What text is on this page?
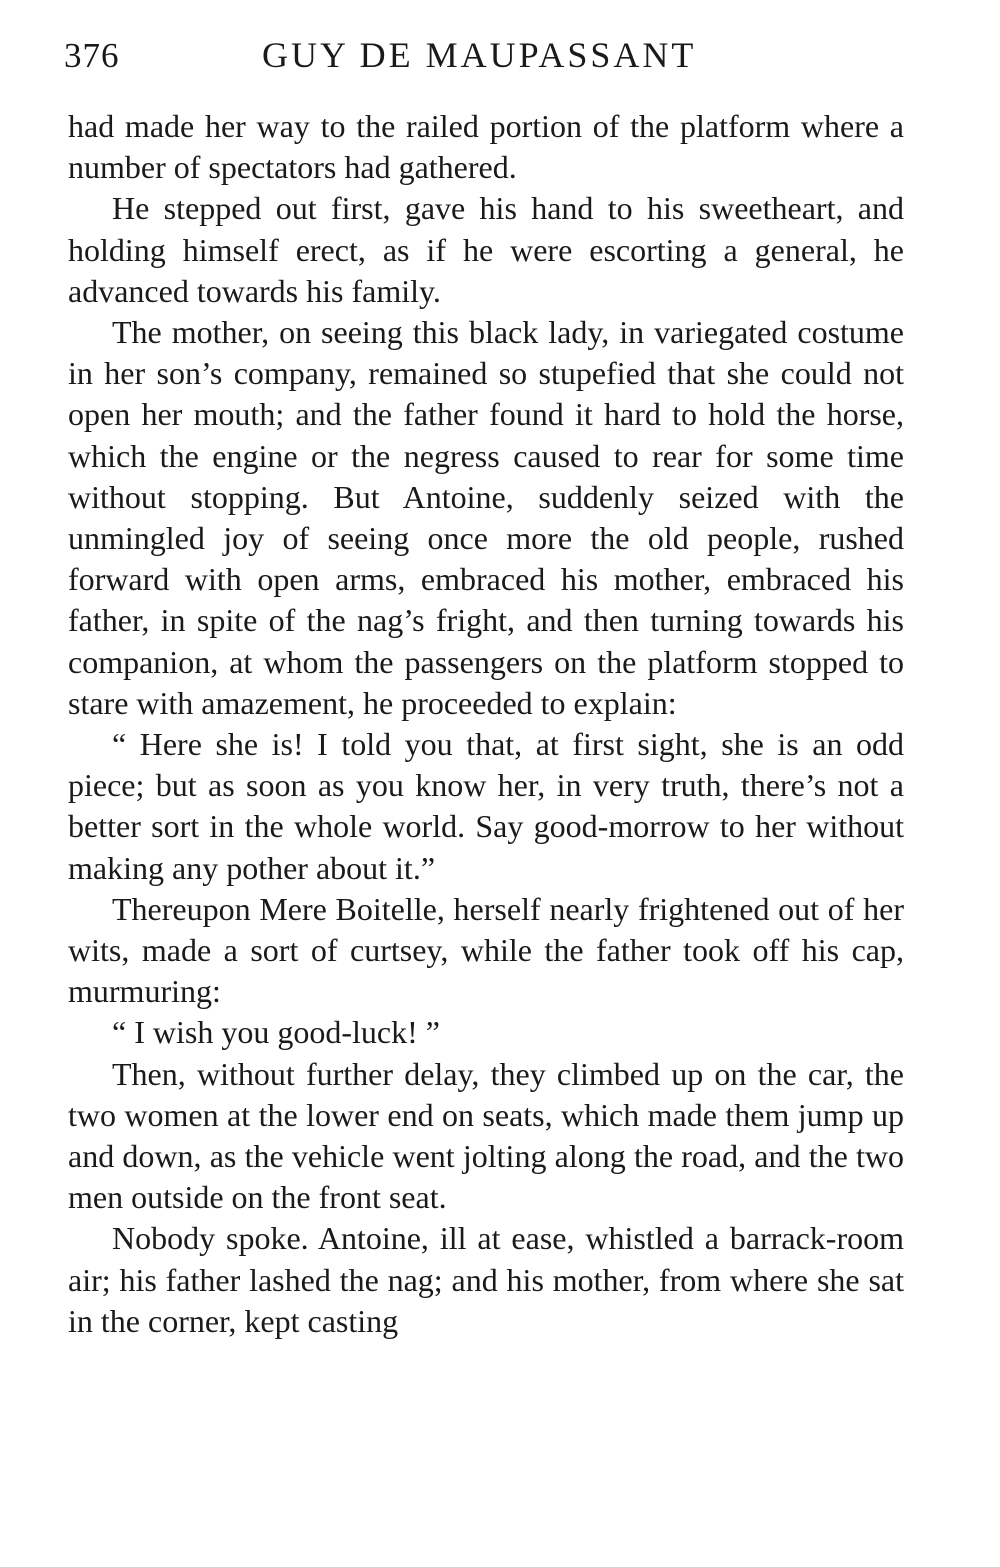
376	GUY DE MAUPASSANT

had made her way to the railed portion of the platform where a number of spectators had gathered.

He stepped out first, gave his hand to his sweetheart, and holding himself erect, as if he were escorting a general, he advanced towards his family.

The mother, on seeing this black lady, in variegated costume in her son’s company, remained so stupefied that she could not open her mouth; and the father found it hard to hold the horse, which the engine or the negress caused to rear for some time without stopping. But Antoine, suddenly seized with the unmingled joy of seeing once more the old people, rushed forward with open arms, embraced his mother, embraced his father, in spite of the nag’s fright, and then turning towards his companion, at whom the passengers on the platform stopped to stare with amazement, he proceeded to explain:

“ Here she is! I told you that, at first sight, she is an odd piece; but as soon as you know her, in very truth, there’s not a better sort in the whole world. Say good-morrow to her without making any pother about it.”

Thereupon Mere Boitelle, herself nearly frightened out of her wits, made a sort of curtsey, while the father took off his cap, murmuring:

“ I wish you good-luck! ”

Then, without further delay, they climbed up on the car, the two women at the lower end on seats, which made them jump up and down, as the vehicle went jolting along the road, and the two men outside on the front seat.

Nobody spoke. Antoine, ill at ease, whistled a barrack-room air; his father lashed the nag; and his mother, from where she sat in the corner, kept casting
